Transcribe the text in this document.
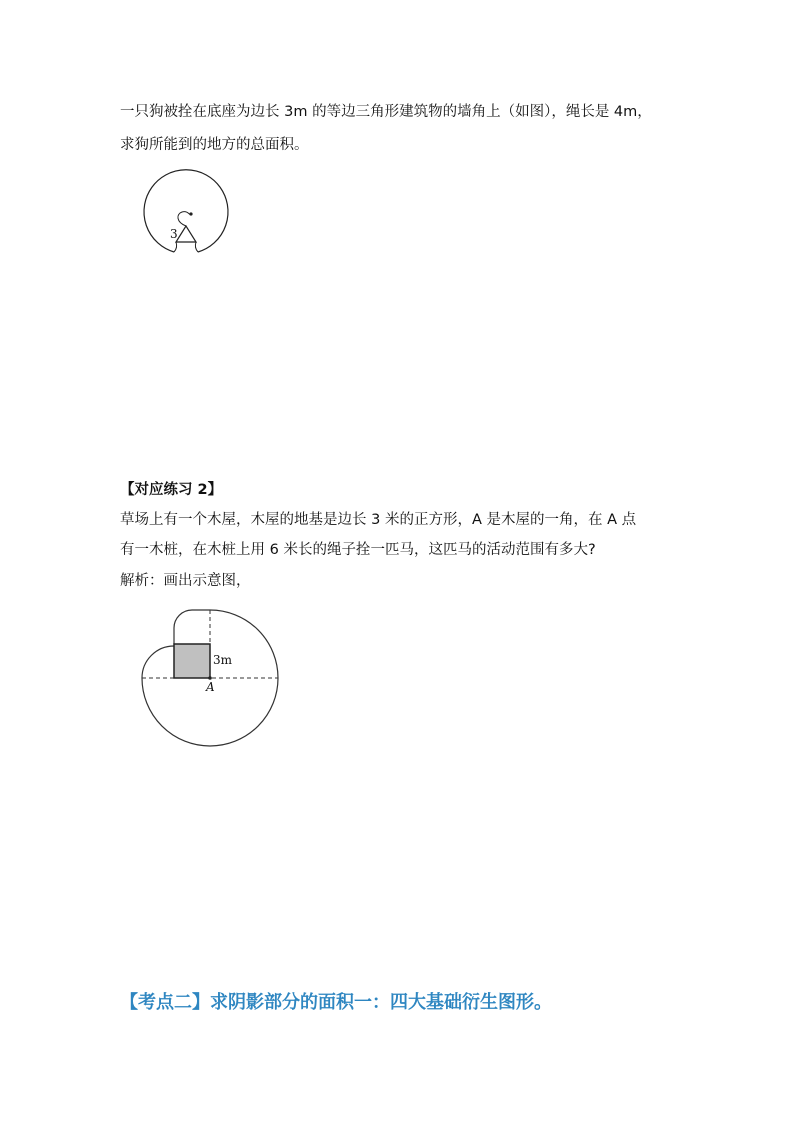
一只狗被拴在底座为边长 3m 的等边三角形建筑物的墙角上（如图），绳长是 4m，
求狗所能到的地方的总面积。
3
【对应练习 2】
草场上有一个木屋，木屋的地基是边长 3 米的正方形，A 是木屋的一角，在 A 点
有一木桩，在木桩上用 6 米长的绳子拴一匹马，这匹马的活动范围有多大?
解析：画出示意图，
3m
A
【考点二】求阴影部分的面积一：四大基础衍生图形。
